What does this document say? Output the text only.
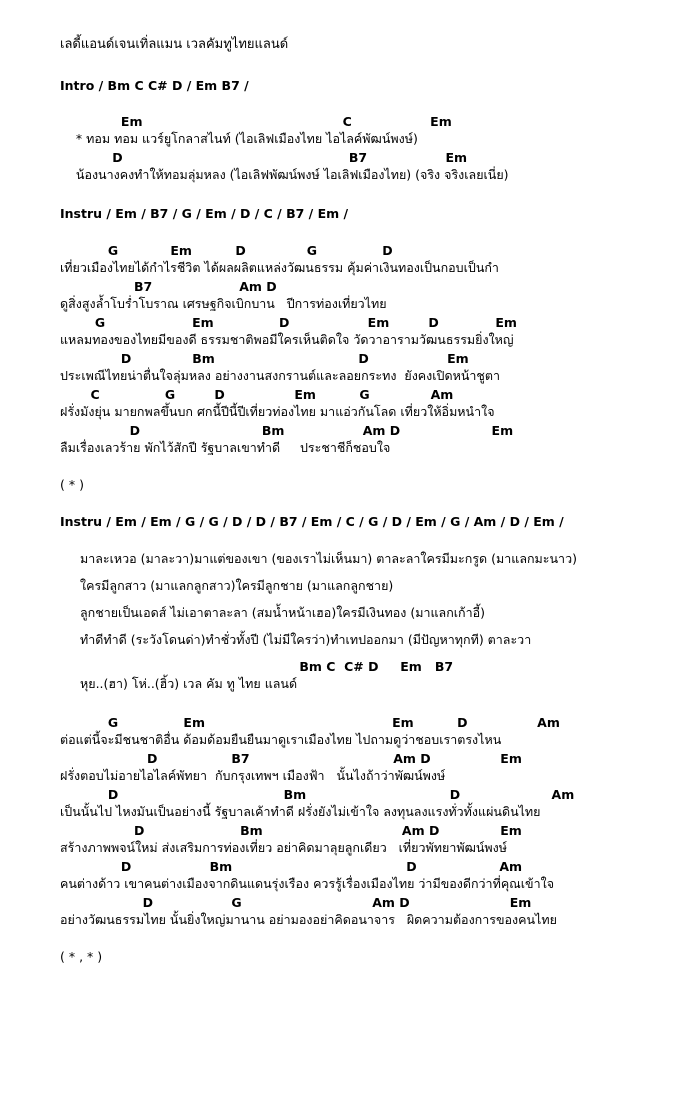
เลดี้แอนด์เจนเทิ่ลแมน เวลคัมทูไทยแลนด์
Intro / Bm C C# D / Em B7 /
Em                                              C                  Em
* ทอม ทอม แวร์ยูโกลาสไนท์ (ไอเลิฟเมืองไทย ไอไลค์พัฒน์พงษ์)
D                                                    B7                  Em
น้องนางคงทำให้ทอมลุ่มหลง (ไอเลิฟพัฒน์พงษ์ ไอเลิฟเมืองไทย) (จริง จริงเลยเนี่ย)
Instru / Em / B7 / G / Em / D / C / B7 / Em /
G            Em          D              G               D
เที่ยวเมืองไทยได้กำไรชีวิต ได้ผลผลิตแหล่งวัฒนธรรม คุ้มค่าเงินทองเป็นกอบเป็นกำ
B7                    Am D
ดูสิ่งสูงล้ำโบร่ำโบราณ เศรษฐกิจเบิกบาน   ปีการท่องเที่ยวไทย
G                    Em               D                  Em         D             Em
แหลมทองของไทยมีของดี ธรรมชาติพอมีใครเห็นติดใจ วัดวาอารามวัฒนธรรมยิ่งใหญ่
D              Bm                                 D                  Em
ประเพณีไทยน่าตื่นใจลุ่มหลง อย่างงานสงกรานต์และลอยกระทง  ยังคงเปิดหน้าชูตา
C               G         D                Em          G              Am
ฝรั่งมังยุ่น มายกพลขึ้นบก ศกนี้ปีนี้ปีเที่ยวท่องไทย มาแอ่วกันโลด เที่ยวให้อิ่มหนำใจ
D                            Bm                  Am D                     Em
ลืมเรื่องเลวร้าย พักไว้สักปี รัฐบาลเขาทำดี     ประชาชีก็ชอบใจ
( * )
Instru / Em / Em / G / G / D / D / B7 / Em / C / G / D / Em / G / Am / D / Em /
มาละเหวอ (มาละวา)มาแต่ของเขา (ของเราไม่เห็นมา) ตาละลาใครมีมะกรูด (มาแลกมะนาว)
ใครมีลูกสาว (มาแลกลูกสาว)ใครมีลูกชาย (มาแลกลูกชาย)
ลูกชายเป็นเอดส์ ไม่เอาตาละลา (สมน้ำหน้าเฮอ)ใครมีเงินทอง (มาแลกเก้าอี้)
ทำดีทำดี (ระวังโดนด่า)ทำชั่วทั้งปี (ไม่มีใครว่า)ทำเทปออกมา (มีปัญหาทุกที) ตาละวา
Bm C  C# D     Em   B7
หุย..(ฮา) โห่..(ฮิ้ว) เวล คัม ทู ไทย แลนด์
G               Em                                           Em          D                Am
ต่อแต่นี้จะมีชนชาติอื่น ด้อมด้อมยืนยืนมาดูเราเมืองไทย ไปถามดูว่าชอบเราตรงไหน
D                 B7                                 Am D                Em
ฝรั่งตอบไม่อายไอไลค์พัทยา  กับกรุงเทพฯ เมืองฟ้า   นั้นไงถ้าว่าพัฒน์พงษ์
D                                      Bm                                 D                     Am
เป็นนั้นไป ไหงมันเป็นอย่างนี้ รัฐบาลเค้าทำดี ฝรั่งยังไม่เข้าใจ ลงทุนลงแรงทั่วทั้งแผ่นดินไทย
D                      Bm                                Am D              Em
สร้างภาพพจน์ใหม่ ส่งเสริมการท่องเที่ยว อย่าคิดมาลุยลูกเดียว   เที่ยวพัทยาพัฒน์พงษ์
D                  Bm                                        D                   Am
คนต่างด้าว เขาคนต่างเมืองจากดินแดนรุ่งเรือง ควรรู้เรื่องเมืองไทย ว่ามีของดีกว่าที่คุณเข้าใจ
D                  G                              Am D                       Em
อย่างวัฒนธรรมไทย นั้นยิ่งใหญ่มานาน อย่ามองอย่าคิดอนาจาร   ผิดความต้องการของคนไทย
( * , * )
